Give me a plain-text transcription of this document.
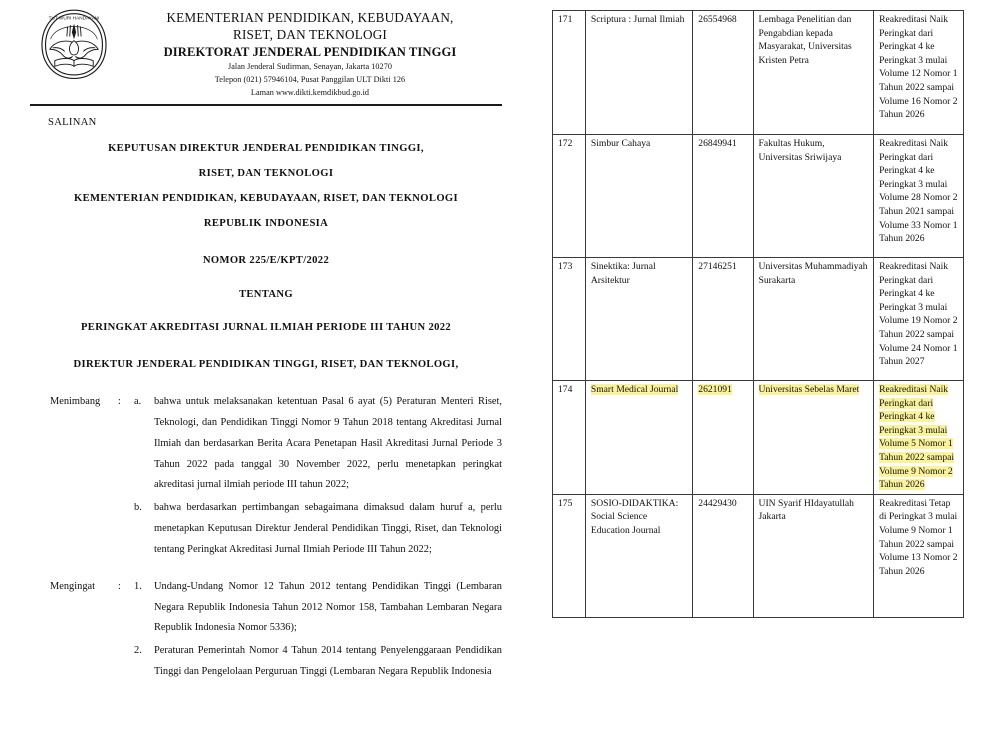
TUT WURI HANDAYANI	KEMENTERIAN PENDIDIKAN, KEBUDAYAAN,
RISET, DAN TEKNOLOGI
DIREKTORAT JENDERAL PENDIDIKAN TINGGI
Jalan Jenderal Sudirman, Senayan, Jakarta 10270
Telepon (021) 57946104, Pusat Panggilan ULT Dikti 126
Laman www.dikti.kemdikbud.go.id
SALINAN
KEPUTUSAN DIREKTUR JENDERAL PENDIDIKAN TINGGI,
RISET, DAN TEKNOLOGI
KEMENTERIAN PENDIDIKAN, KEBUDAYAAN, RISET, DAN TEKNOLOGI
REPUBLIK INDONESIA
NOMOR 225/E/KPT/2022
TENTANG
PERINGKAT AKREDITASI JURNAL ILMIAH PERIODE III TAHUN 2022
DIREKTUR JENDERAL PENDIDIKAN TINGGI, RISET, DAN TEKNOLOGI,
Menimbang	:	a.	bahwa untuk melaksanakan ketentuan Pasal 6 ayat (5) Peraturan Menteri Riset, Teknologi, dan Pendidikan Tinggi Nomor 9 Tahun 2018 tentang Akreditasi Jurnal Ilmiah dan berdasarkan Berita Acara Penetapan Hasil Akreditasi Jurnal Periode 3 Tahun 2022 pada tanggal 30 November 2022, perlu menetapkan peringkat akreditasi jurnal ilmiah periode III tahun 2022;
b.	bahwa berdasarkan pertimbangan sebagaimana dimaksud dalam huruf a, perlu menetapkan Keputusan Direktur Jenderal Pendidikan Tinggi, Riset, dan Teknologi tentang Peringkat Akreditasi Jurnal Ilmiah Periode III Tahun 2022;
Mengingat	:	1.	Undang-Undang Nomor 12 Tahun 2012 tentang Pendidikan Tinggi (Lembaran Negara Republik Indonesia Tahun 2012 Nomor 158, Tambahan Lembaran Negara Republik Indonesia Nomor 5336);
2.	Peraturan Pemerintah Nomor 4 Tahun 2014 tentang Penyelenggaraan Pendidikan Tinggi dan Pengelolaan Perguruan Tinggi (Lembaran Negara Republik Indonesia
171	Scriptura : Jurnal Ilmiah	26554968	Lembaga Penelitian dan Pengabdian kepada Masyarakat, Universitas Kristen Petra	Reakreditasi Naik Peringkat dari Peringkat 4 ke Peringkat 3 mulai Volume 12 Nomor 1 Tahun 2022 sampai Volume 16 Nomor 2 Tahun 2026
172	Simbur Cahaya	26849941	Fakultas Hukum, Universitas Sriwijaya	Reakreditasi Naik Peringkat dari Peringkat 4 ke Peringkat 3 mulai Volume 28 Nomor 2 Tahun 2021 sampai Volume 33 Nomor 1 Tahun 2026
173	Sinektika: Jurnal Arsitektur	27146251	Universitas Muhammadiyah Surakarta	Reakreditasi Naik Peringkat dari Peringkat 4 ke Peringkat 3 mulai Volume 19 Nomor 2 Tahun 2022 sampai Volume 24 Nomor 1 Tahun 2027
174	Smart Medical Journal	2621091	Universitas Sebelas Maret	Reakreditasi Naik Peringkat dari Peringkat 4 ke Peringkat 3 mulai Volume 5 Nomor 1 Tahun 2022 sampai Volume 9 Nomor 2 Tahun 2026
175	SOSIO-DIDAKTIKA: Social Science Education Journal	24429430	UIN Syarif HIdayatullah Jakarta	Reakreditasi Tetap di Peringkat 3 mulai Volume 9 Nomor 1 Tahun 2022 sampai Volume 13 Nomor 2 Tahun 2026
